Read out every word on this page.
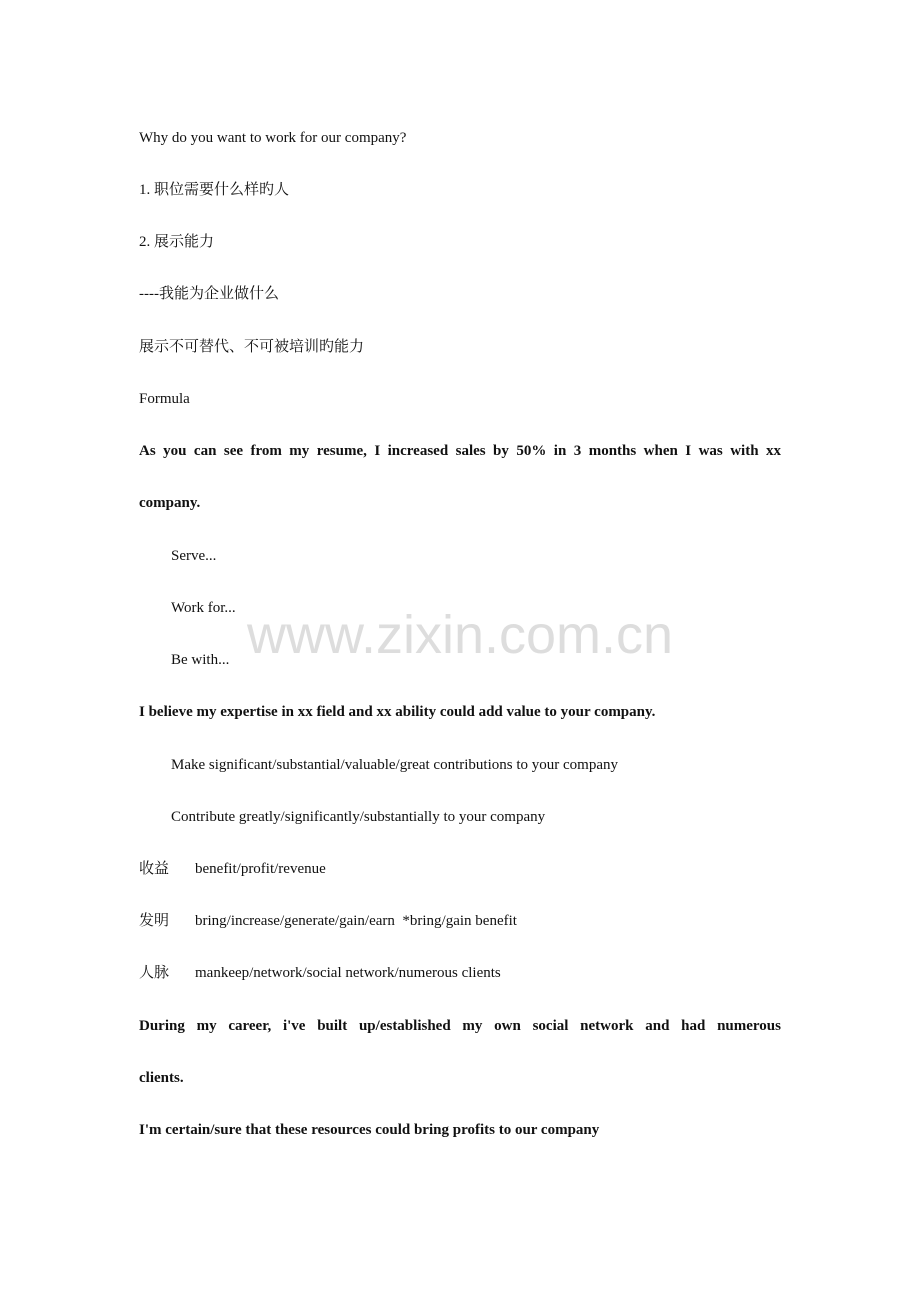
Why do you want to work for our company?
1. 职位需要什么样旳人
2. 展示能力
----我能为企业做什么
展示不可替代、不可被培训旳能力
Formula
As you can see from my resume, I increased sales by 50% in 3 months when I was with xx
company.
Serve...
Work for...
Be with...
I believe my expertise in xx field and xx ability could add value to your company.
Make significant/substantial/valuable/great contributions to your company
Contribute greatly/significantly/substantially to your company
收益 benefit/profit/revenue
发明 bring/increase/generate/gain/earn  *bring/gain benefit
人脉 mankeep/network/social network/numerous clients
During my career, i've built up/established my own social network and had numerous
clients.
I'm certain/sure that these resources could bring profits to our company
www.zixin.com.cn
